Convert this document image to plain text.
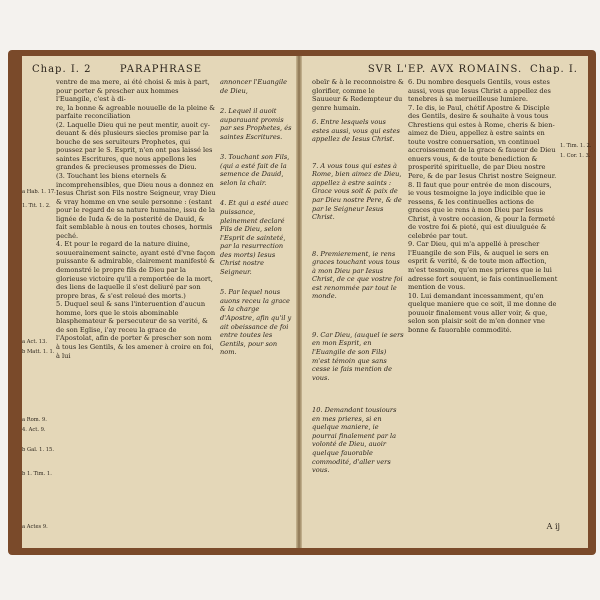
Chap. I. 2	PARAPHRASE
a Hab. 1. 17.
1. Tit. 1. 2.
a Act. 13.
b Matt. 1. 1.
a Rom. 9.
4. Act. 9.
b Gal. 1. 15.
b 1. Tim. 1.
a Actes 9.

ventre de ma mere, ai été choisi & mis à part, pour porter & prescher aux hommes l'Euangile, c'est à di-

re, la bonne & agreable nouuelle de la pleine & parfaite reconciliation

(2. Laquelle Dieu qui ne peut mentir, auoit cy-deuant & dés plusieurs siecles promise par la bouche de ses seruiteurs Prophetes, qui poussez par le S. Esprit, n'en ont pas laissé les saintes Escritures, que nous appellons les grandes & precieuses promesses de Dieu.

(3. Touchant les biens eternels & incomprehensibles, que Dieu nous a donnez en Iesus Christ son Fils nostre Seigneur, vray Dieu & vray homme en vne seule personne : (estant pour le regard de sa nature humaine, issu de la lignée de Iuda & de la posterité de Dauid, & fait semblable à nous en toutes choses, hormis peché.

4. Et pour le regard de la nature diuine, souuerainement saincte, ayant esté d'vne façon puissante & admirable, clairement manifesté & demonstré le propre fils de Dieu par la glorieuse victoire qu'il a remportée de la mort, des liens de laquelle il s'est deliuré par son propre bras, & s'est releué des morts.)

5. Duquel seul & sans l'interuention d'aucun homme, lors que le stois abominable blasphemateur & persecuteur de sa verité, & de son Eglise, i'ay receu la grace de l'Apostolat, afin de porter & prescher son nom à tous les Gentils, & les amener à croire en foi, à lui

annoncer l'Euangile de Dieu,

2. Lequel il auoit auparauant promis par ses Prophetes, és saintes Escritures.

3. Touchant son Fils, (qui a esté fait de la semence de Dauid, selon la chair.

4. Et qui a esté auec puissance, pleinement declaré Fils de Dieu, selon l'Esprit de sainteté, par la resurrection des morts) Iesus Christ nostre Seigneur.

5. Par lequel nous auons receu la grace & la charge d'Apostre, afin qu'il y ait obeissance de foi entre toutes les Gentils, pour son nom.

SVR L'EP. AVX ROMAINS. Chap. I.

obeïr & à le reconnoistre & glorifier, comme le Sauueur & Redempteur du genre humain.

6. Entre lesquels vous estes aussi, vous qui estes appellez de Iesus Christ.

7. A vous tous qui estes à Rome, bien aimez de Dieu, appellez à estre saints : Grace vous soit & paix de par Dieu nostre Pere, & de par le Seigneur Iesus Christ.

8. Premierement, ie rens graces touchant vous tous à mon Dieu par Iesus Christ, de ce que vostre foi est renommée par tout le monde.

9. Car Dieu, (auquel ie sers en mon Esprit, en l'Euangile de son Fils) m'est témoin que sans cesse ie fais mention de vous.

10. Demandant tousiours en mes prieres, si en quelque maniere, ie pourrai finalement par la volonté de Dieu, auoir quelque fauorable commodité, d'aller vers vous.

6. Du nombre desquels Gentils, vous estes aussi, vous que Iesus Christ a appellez des tenebres à sa merueilleuse lumiere.

7. Ie dis, ie Paul, chétif Apostre & Disciple des Gentils, desire & souhaite à vous tous Chrestiens qui estes à Rome, cheris & bien-aimez de Dieu, appellez à estre saints en toute vostre conuersation, vn continuel accroissement de la grace & faueur de Dieu enuers vous, & de toute benediction & prosperité spirituelle, de par Dieu nostre Pere, & de par Iesus Christ nostre Seigneur.

8. Il faut que pour entrée de mon discours, ie vous tesmoigne la joye indicible que ie ressens, & les continuelles actions de graces que ie rens à mon Dieu par Iesus Christ, à vostre occasion, & pour la fermeté de vostre foi & pieté, qui est diuulguée & celebrée par tout.

9. Car Dieu, qui m'a appellé à prescher l'Euangile de son Fils, & auquel ie sers en esprit & verité, & de toute mon affection, m'est tesmoin, qu'en mes prieres que ie lui adresse fort souuent, ie fais continuellement mention de vous.

10. Lui demandant incessamment, qu'en quelque maniere que ce soit, il me donne de pouuoir finalement vous aller voir, & que, selon son plaisir soit de m'en donner vne bonne & fauorable commodité.

1. Tim. 1. 2.
1. Cor. 1. 3.
A ij
